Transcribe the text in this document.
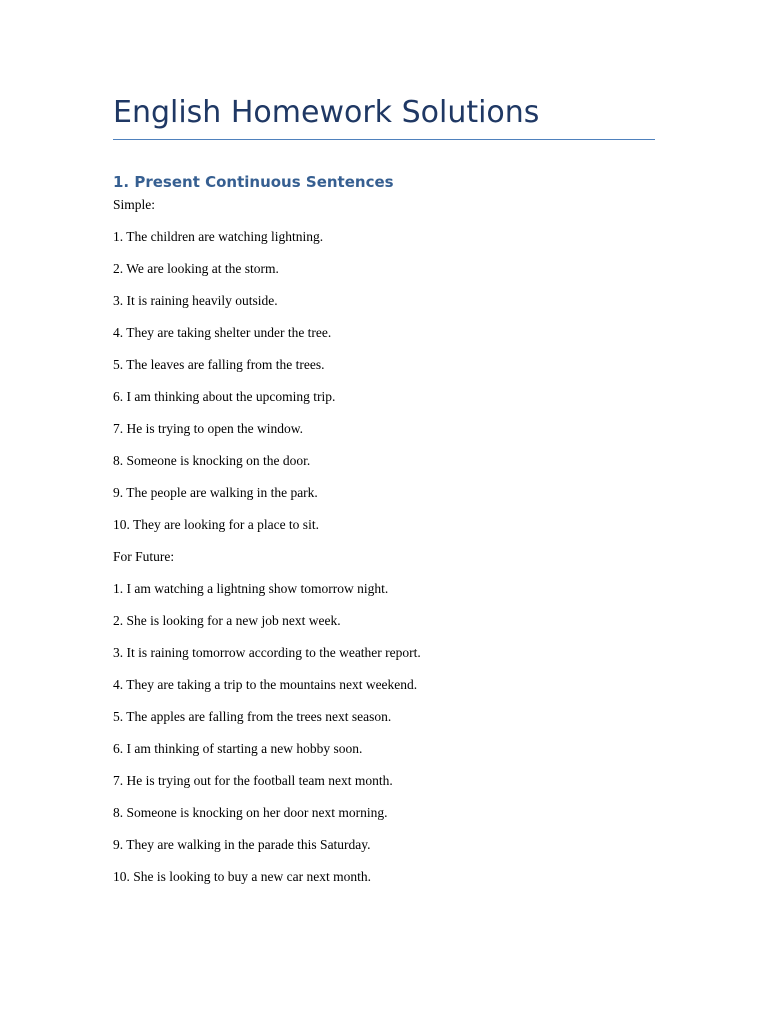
English Homework Solutions
1. Present Continuous Sentences

Simple:

1. The children are watching lightning.

2. We are looking at the storm.

3. It is raining heavily outside.

4. They are taking shelter under the tree.

5. The leaves are falling from the trees.

6. I am thinking about the upcoming trip.

7. He is trying to open the window.

8. Someone is knocking on the door.

9. The people are walking in the park.

10. They are looking for a place to sit.

For Future:

1. I am watching a lightning show tomorrow night.

2. She is looking for a new job next week.

3. It is raining tomorrow according to the weather report.

4. They are taking a trip to the mountains next weekend.

5. The apples are falling from the trees next season.

6. I am thinking of starting a new hobby soon.

7. He is trying out for the football team next month.

8. Someone is knocking on her door next morning.

9. They are walking in the parade this Saturday.

10. She is looking to buy a new car next month.
